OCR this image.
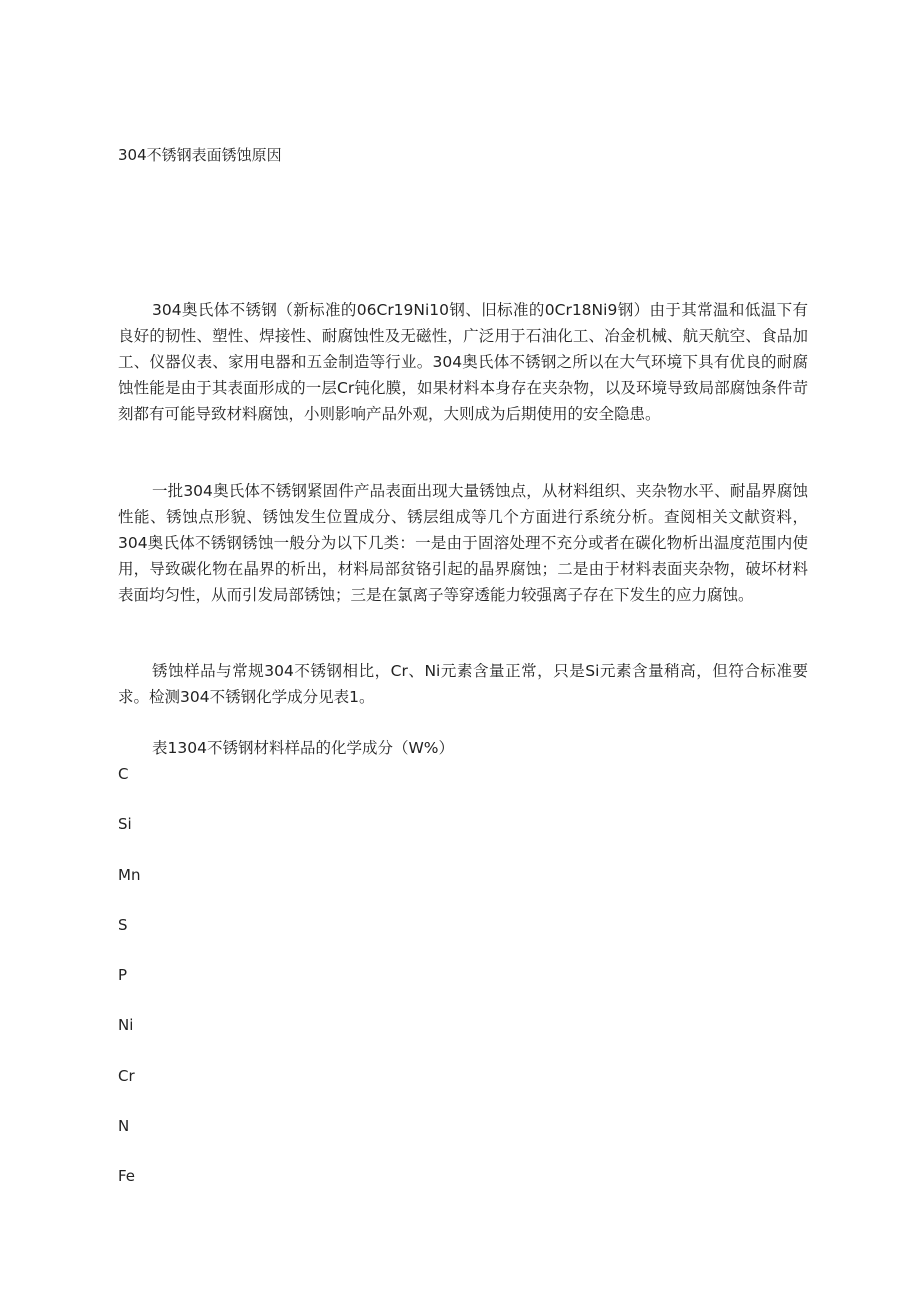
304不锈钢表面锈蚀原因

304奥氏体不锈钢（新标准的06Cr19Ni10钢、旧标准的0Cr18Ni9钢）由于其常温和低温下有良好的韧性、塑性、焊接性、耐腐蚀性及无磁性，广泛用于石油化工、冶金机械、航天航空、食品加工、仪器仪表、家用电器和五金制造等行业。304奥氏体不锈钢之所以在大气环境下具有优良的耐腐蚀性能是由于其表面形成的一层Cr钝化膜，如果材料本身存在夹杂物，以及环境导致局部腐蚀条件苛刻都有可能导致材料腐蚀，小则影响产品外观，大则成为后期使用的安全隐患。

一批304奥氏体不锈钢紧固件产品表面出现大量锈蚀点，从材料组织、夹杂物水平、耐晶界腐蚀性能、锈蚀点形貌、锈蚀发生位置成分、锈层组成等几个方面进行系统分析。查阅相关文献资料，304奥氏体不锈钢锈蚀一般分为以下几类：一是由于固溶处理不充分或者在碳化物析出温度范围内使用，导致碳化物在晶界的析出，材料局部贫铬引起的晶界腐蚀；二是由于材料表面夹杂物，破坏材料表面均匀性，从而引发局部锈蚀；三是在氯离子等穿透能力较强离子存在下发生的应力腐蚀。

锈蚀样品与常规304不锈钢相比，Cr、Ni元素含量正常，只是Si元素含量稍高，但符合标准要求。检测304不锈钢化学成分见表1。

表1304不锈钢材料样品的化学成分（W%）
C
Si
Mn
S
P
Ni
Cr
N
Fe
